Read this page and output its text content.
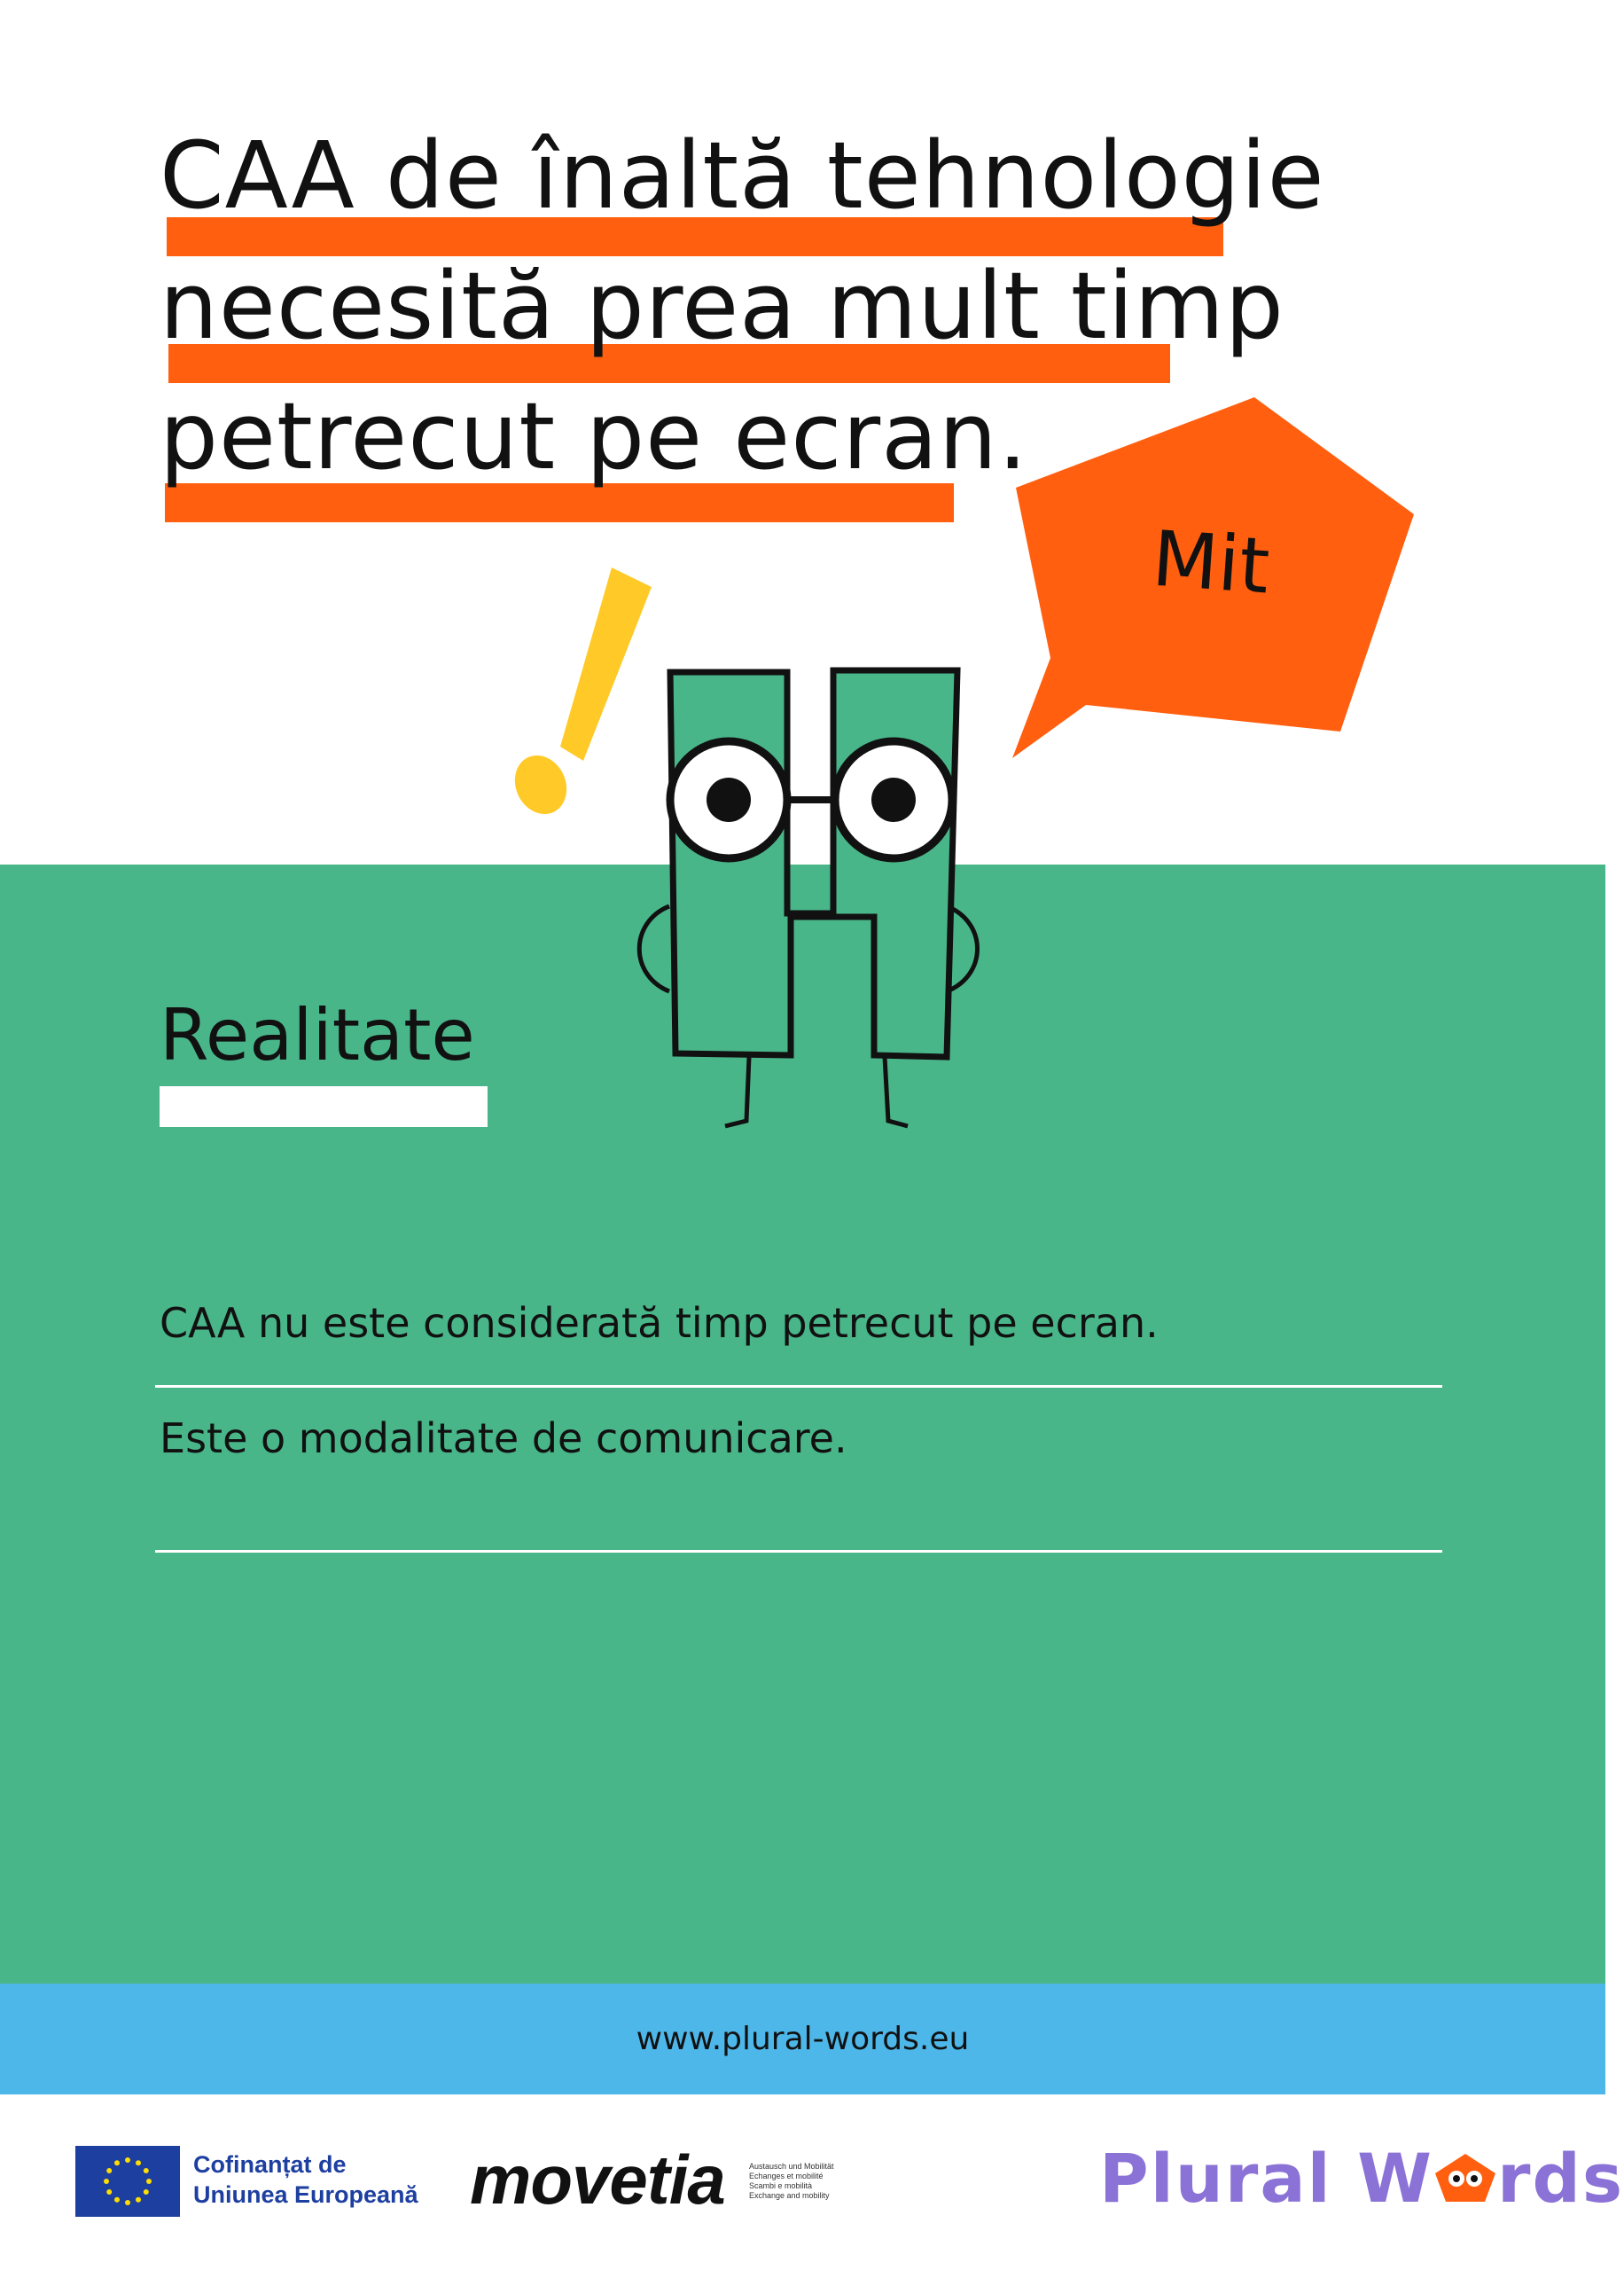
CAA de înaltă tehnologie
necesită prea mult timp
petrecut pe ecran.
Mit
Realitate
CAA nu este considerată timp petrecut pe ecran.
Este o modalitate de comunicare.
www.plural-words.eu
Cofinanțat de
Uniunea Europeană movetia	Austausch und Mobilität
Echanges et mobilité
Scambi e mobilità
Exchange and mobility	Plural W rds
